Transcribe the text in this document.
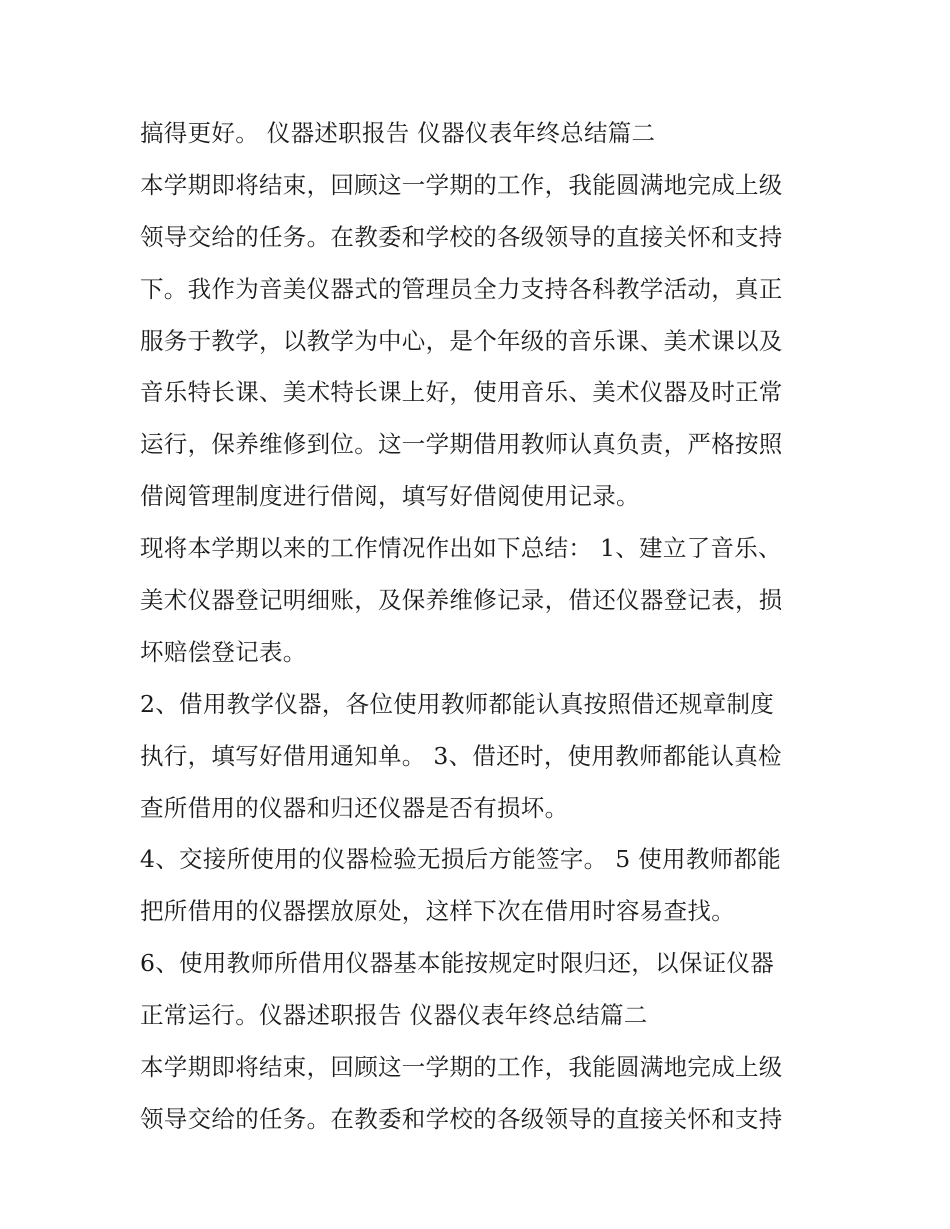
搞得更好。 仪器述职报告 仪器仪表年终总结篇二
本学期即将结束，回顾这一学期的工作，我能圆满地完成上级
领导交给的任务。在教委和学校的各级领导的直接关怀和支持
下。我作为音美仪器式的管理员全力支持各科教学活动，真正
服务于教学，以教学为中心，是个年级的音乐课、美术课以及
音乐特长课、美术特长课上好，使用音乐、美术仪器及时正常
运行，保养维修到位。这一学期借用教师认真负责，严格按照
借阅管理制度进行借阅，填写好借阅使用记录。
现将本学期以来的工作情况作出如下总结： 1、建立了音乐、
美术仪器登记明细账，及保养维修记录，借还仪器登记表，损
坏赔偿登记表。
2、借用教学仪器，各位使用教师都能认真按照借还规章制度
执行，填写好借用通知单。 3、借还时，使用教师都能认真检
查所借用的仪器和归还仪器是否有损坏。
4、交接所使用的仪器检验无损后方能签字。 5 使用教师都能
把所借用的仪器摆放原处，这样下次在借用时容易查找。
6、使用教师所借用仪器基本能按规定时限归还，以保证仪器
正常运行。仪器述职报告 仪器仪表年终总结篇二
本学期即将结束，回顾这一学期的工作，我能圆满地完成上级
领导交给的任务。在教委和学校的各级领导的直接关怀和支持
